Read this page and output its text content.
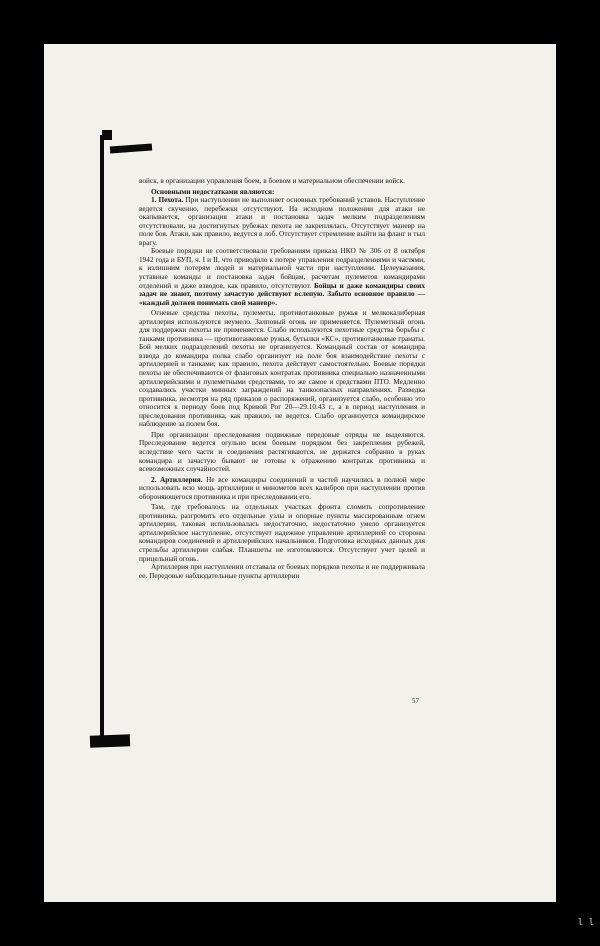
войск, в организации управления боем, в боевом и материальном обеспечении войск.

Основными недостатками являются:

1. Пехота. При наступлении не выполняет основных требований уставов. Наступление ведется скученно, перебежки отсутствуют. На исходном положении для атаки не окапывается, организация атаки и постановка задач мелким подразделениям отсутствовали, на достигнутых рубежах пехота не закреплялась. Отсутствует маневр на поле боя. Атаки, как правило, ведутся в лоб. Отсутствует стремление выйти на фланг и тыл врагу.

Боевые порядки не соответствовали требованиям приказа НКО № 306 от 8 октября 1942 года и БУП, ч. I и II, что приводило к потере управления подразделениями и частями, к излишним потерям людей и материальной части при наступлении. Целеуказания, уставные команды и постановка задач бойцам, расчетам пулеметов командирами отделений и даже взводов, как правило, отсутствуют. Бойцы и даже командиры своих задач не знают, поэтому зачастую действуют вслепую. Забыто основное правило — «каждый должен понимать свой маневр».

Огневые средства пехоты, пулеметы, противотанковые ружья и мелкокалиберная артиллерия используются неумело. Залповый огонь не применяется. Пулеметный огонь для поддержки пехоты не применяется. Слабо используются пехотные средства борьбы с танками противника — противотанковые ружья, бутылки «КС», противотанковые гранаты. Бой мелких подразделений пехоты не организуется. Командный состав от командира взвода до командира полка слабо организует на поле боя взаимодействие пехоты с артиллерией и танками; как правило, пехота действует самостоятельно. Боевые порядки пехоты не обеспечиваются от фланговых контратак противника специально назначенными артиллерийскими и пулеметными средствами, то же самое и средствами ПТО. Медленно создавались участки минных заграждений на танкоопасных направлениях. Разведка противника, несмотря на ряд приказов о распоряжений, организуется слабо, особенно это относится к периоду боев под Кривой Рог 20—29.10.43 г., а в период наступления и преследования противника, как правило, не ведется. Слабо организуется командирское наблюдение за полем боя.

При организации преследования подвижные передовые отряды не выделяются. Преследование ведется огульно всем боевым порядком без закрепления рубежей, вследствие чего части и соединения растягиваются, не держатся собранно в руках командира и зачастую бывают не готовы к отражению контратак противника и всевозможных случайностей.

2. Артиллерия. Не все командиры соединений и частей научились в полной мере использовать всю мощь артиллерии и минометов всех калибров при наступлении против обороняющегося противника и при преследовании его.

Там, где требовалось на отдельных участках фронта сломить сопротивление противника, разгромить его отдельные узлы и опорные пункты массированным огнем артиллерии, таковая использовалась недостаточно, недостаточно умело организуется артиллерийское наступление, отсутствует надежное управление артиллерией со стороны командиров соединений и артиллерийских начальников. Подготовка исходных данных для стрельбы артиллерии слабая. Планшеты не изготовляются. Отсутствует учет целей и прицельный огонь.

Артиллерия при наступлении отставала от боевых порядков пехоты и не поддерживала ее. Передовые наблюдательные пункты артиллерии

57
l l
